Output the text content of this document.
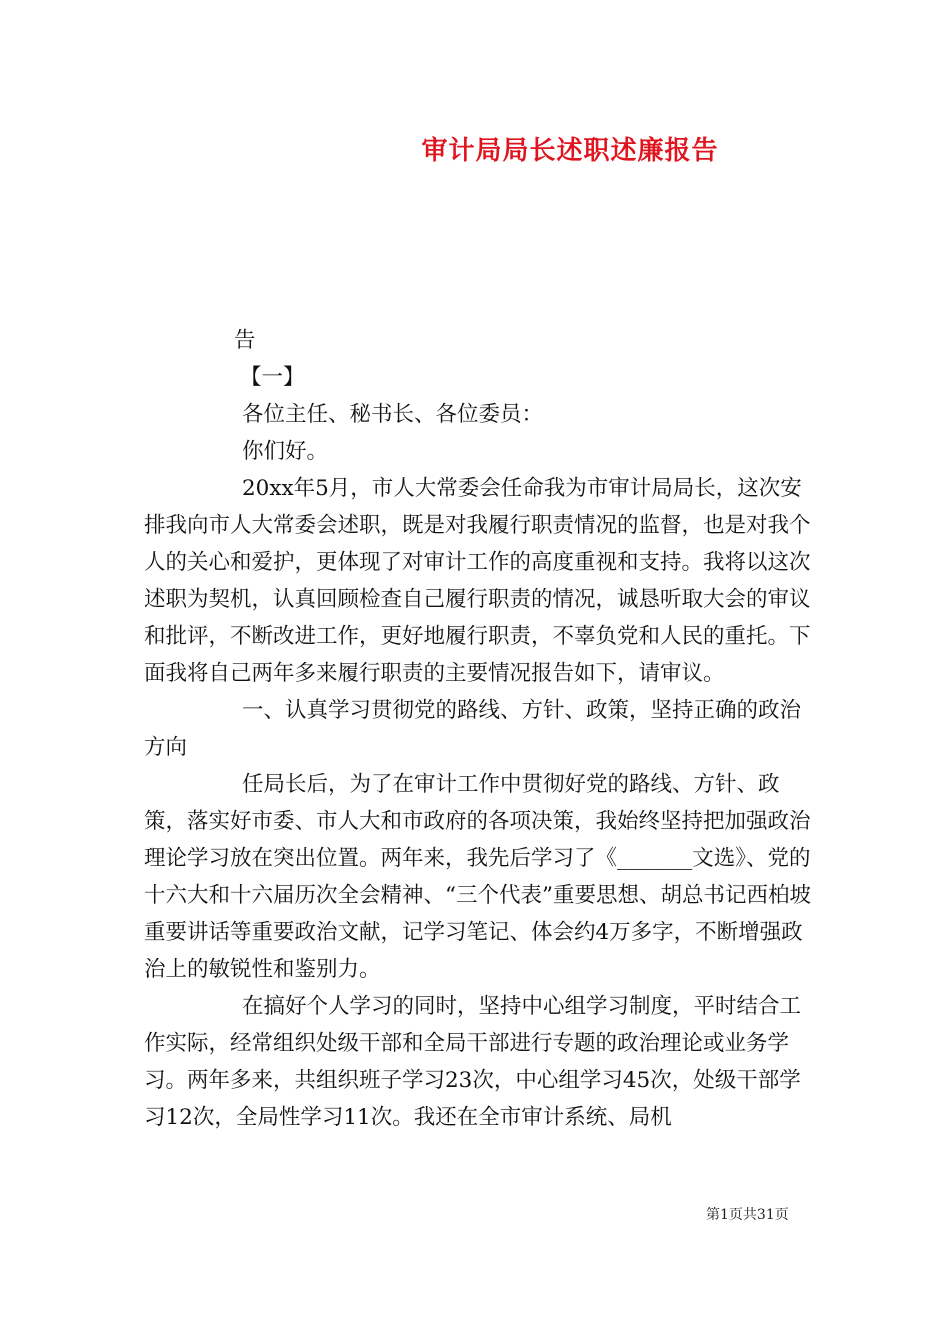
审计局局长述职述廉报告

告

【一】

各位主任、秘书长、各位委员：

你们好。

20xx年5月，市人大常委会任命我为市审计局局长，这次安排我向市人大常委会述职，既是对我履行职责情况的监督，也是对我个人的关心和爱护，更体现了对审计工作的高度重视和支持。我将以这次述职为契机，认真回顾检查自己履行职责的情况，诚恳听取大会的审议和批评，不断改进工作，更好地履行职责，不辜负党和人民的重托。下面我将自己两年多来履行职责的主要情况报告如下，请审议。

一、认真学习贯彻党的路线、方针、政策，坚持正确的政治方向

任局长后，为了在审计工作中贯彻好党的路线、方针、政策，落实好市委、市人大和市政府的各项决策，我始终坚持把加强政治理论学习放在突出位置。两年来，我先后学习了《_______文选》、党的十六大和十六届历次全会精神、“三个代表”重要思想、胡总书记西柏坡重要讲话等重要政治文献，记学习笔记、体会约4万多字，不断增强政治上的敏锐性和鉴别力。

在搞好个人学习的同时，坚持中心组学习制度，平时结合工作实际，经常组织处级干部和全局干部进行专题的政治理论或业务学习。两年多来，共组织班子学习23次，中心组学习45次，处级干部学习12次，全局性学习11次。我还在全市审计系统、局机

第1页共31页
